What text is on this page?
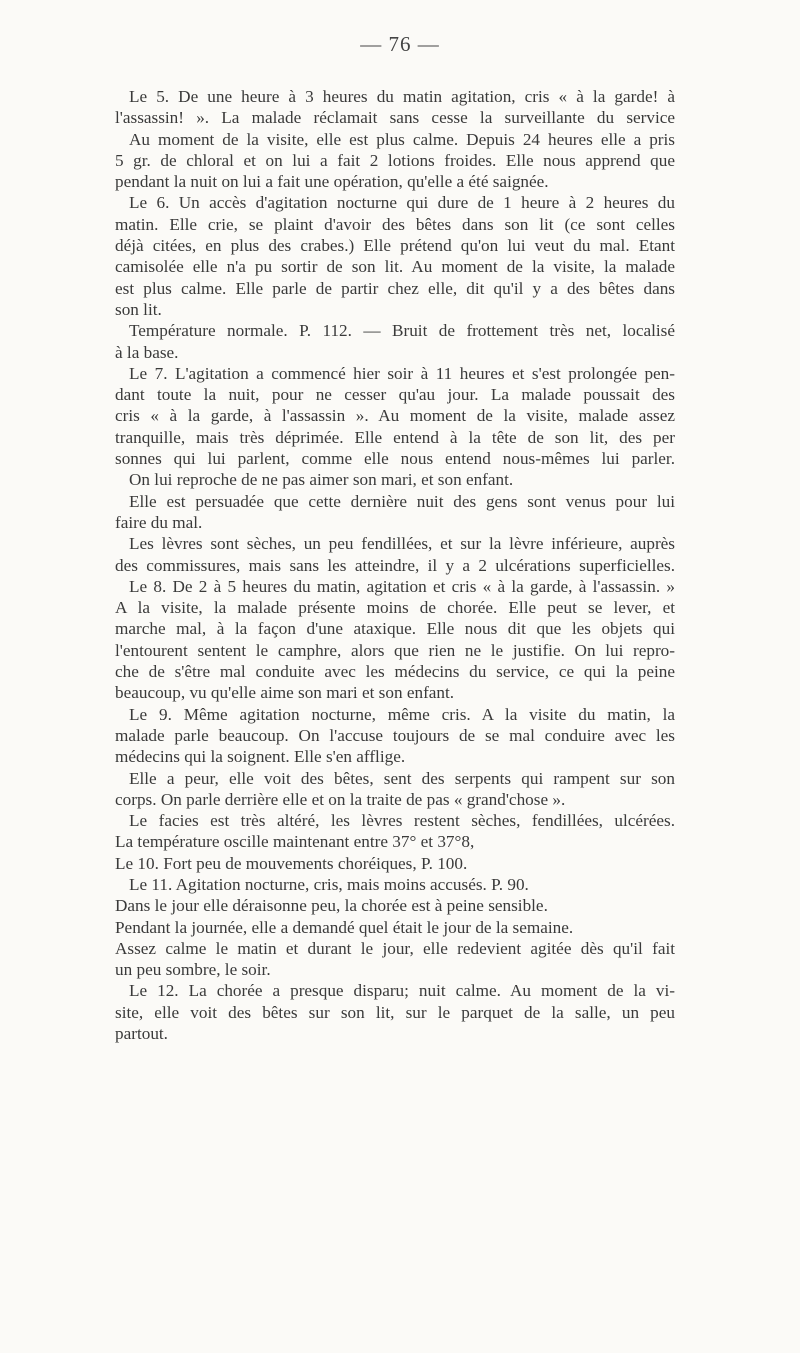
— 76 —
Le 5. De une heure à 3 heures du matin agitation, cris « à la garde! à
l'assassin! ». La malade réclamait sans cesse la surveillante du service
Au moment de la visite, elle est plus calme. Depuis 24 heures elle a pris
5 gr. de chloral et on lui a fait 2 lotions froides. Elle nous apprend que
pendant la nuit on lui a fait une opération, qu'elle a été saignée.
Le 6. Un accès d'agitation nocturne qui dure de 1 heure à 2 heures du
matin. Elle crie, se plaint d'avoir des bêtes dans son lit (ce sont celles
déjà citées, en plus des crabes.) Elle prétend qu'on lui veut du mal. Etant
camisolée elle n'a pu sortir de son lit. Au moment de la visite, la malade
est plus calme. Elle parle de partir chez elle, dit qu'il y a des bêtes dans
son lit.
Température normale. P. 112. — Bruit de frottement très net, localisé
à la base.
Le 7. L'agitation a commencé hier soir à 11 heures et s'est prolongée pen-
dant toute la nuit, pour ne cesser qu'au jour. La malade poussait des
cris « à la garde, à l'assassin ». Au moment de la visite, malade assez
tranquille, mais très déprimée. Elle entend à la tête de son lit, des per
sonnes qui lui parlent, comme elle nous entend nous-mêmes lui parler.
On lui reproche de ne pas aimer son mari, et son enfant.
Elle est persuadée que cette dernière nuit des gens sont venus pour lui
faire du mal.
Les lèvres sont sèches, un peu fendillées, et sur la lèvre inférieure, auprès
des commissures, mais sans les atteindre, il y a 2 ulcérations superficielles.
Le 8. De 2 à 5 heures du matin, agitation et cris « à la garde, à l'assassin. »
A la visite, la malade présente moins de chorée. Elle peut se lever, et
marche mal, à la façon d'une ataxique. Elle nous dit que les objets qui
l'entourent sentent le camphre, alors que rien ne le justifie. On lui repro-
che de s'être mal conduite avec les médecins du service, ce qui la peine
beaucoup, vu qu'elle aime son mari et son enfant.
Le 9. Même agitation nocturne, même cris. A la visite du matin, la
malade parle beaucoup. On l'accuse toujours de se mal conduire avec les
médecins qui la soignent. Elle s'en afflige.
Elle a peur, elle voit des bêtes, sent des serpents qui rampent sur son
corps. On parle derrière elle et on la traite de pas « grand'chose ».
Le facies est très altéré, les lèvres restent sèches, fendillées, ulcérées.
La température oscille maintenant entre 37° et 37°8,
Le 10. Fort peu de mouvements choréiques, P. 100.
Le 11. Agitation nocturne, cris, mais moins accusés. P. 90.
Dans le jour elle déraisonne peu, la chorée est à peine sensible.
Pendant la journée, elle a demandé quel était le jour de la semaine.
Assez calme le matin et durant le jour, elle redevient agitée dès qu'il fait
un peu sombre, le soir.
Le 12. La chorée a presque disparu; nuit calme. Au moment de la vi-
site, elle voit des bêtes sur son lit, sur le parquet de la salle, un peu
partout.
